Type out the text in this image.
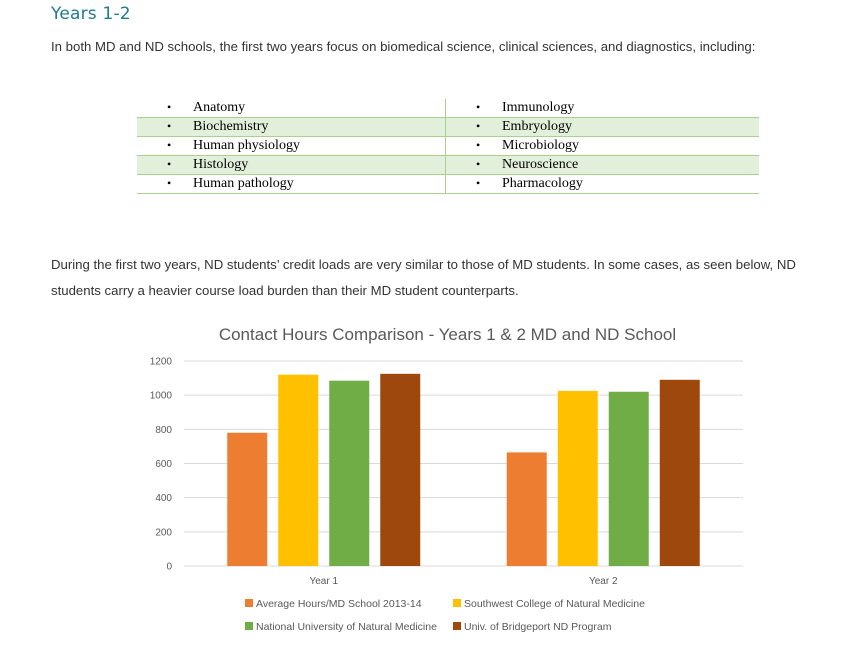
Years 1-2

In both MD and ND schools, the first two years focus on biomedical science, clinical sciences, and diagnostics, including:

• Anatomy	• Immunology
• Biochemistry	• Embryology
• Human physiology	• Microbiology
• Histology	• Neuroscience
• Human pathology	• Pharmacology

During the first two years, ND students’ credit loads are very similar to those of MD students. In some cases, as seen below, ND students carry a heavier course load burden than their MD student counterparts.

Contact Hours Comparison - Years 1 & 2 MD and ND School
0
200
400
600
800
1000
1200
Year 1	Year 2
Average Hours/MD School 2013-14	Southwest College of Natural Medicine
National University of Natural Medicine	Univ. of Bridgeport ND Program
